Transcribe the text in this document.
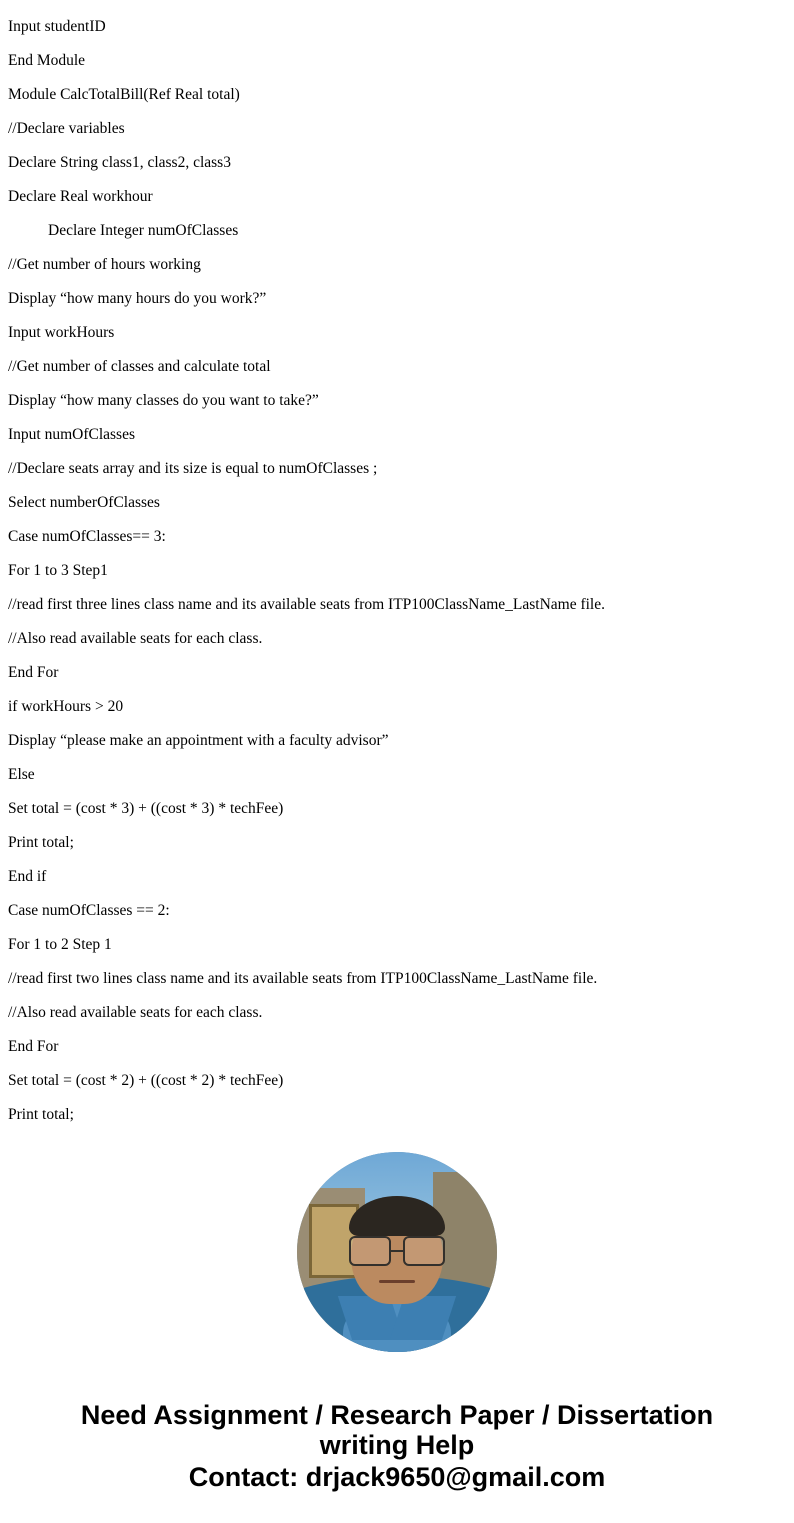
Input studentID
End Module
Module CalcTotalBill(Ref Real total)
//Declare variables
Declare String class1, class2, class3
Declare Real workhour
Declare Integer numOfClasses
//Get number of hours working
Display “how many hours do you work?”
Input workHours
//Get number of classes and calculate total
Display “how many classes do you want to take?”
Input numOfClasses
//Declare seats array and its size is equal to numOfClasses ;
Select numberOfClasses
Case numOfClasses== 3:
For 1 to 3 Step1
//read first three lines class name and its available seats from ITP100ClassName_LastName file.
//Also read available seats for each class.
End For
if workHours > 20
Display “please make an appointment with a faculty advisor”
Else
Set total = (cost * 3) + ((cost * 3) * techFee)
Print total;
End if
Case numOfClasses == 2:
For 1 to 2 Step 1
//read first two lines class name and its available seats from ITP100ClassName_LastName file.
//Also read available seats for each class.
End For
Set total = (cost * 2) + ((cost * 2) * techFee)
Print total;
Need Assignment / Research Paper / Dissertation
writing Help
Contact: drjack9650@gmail.com
